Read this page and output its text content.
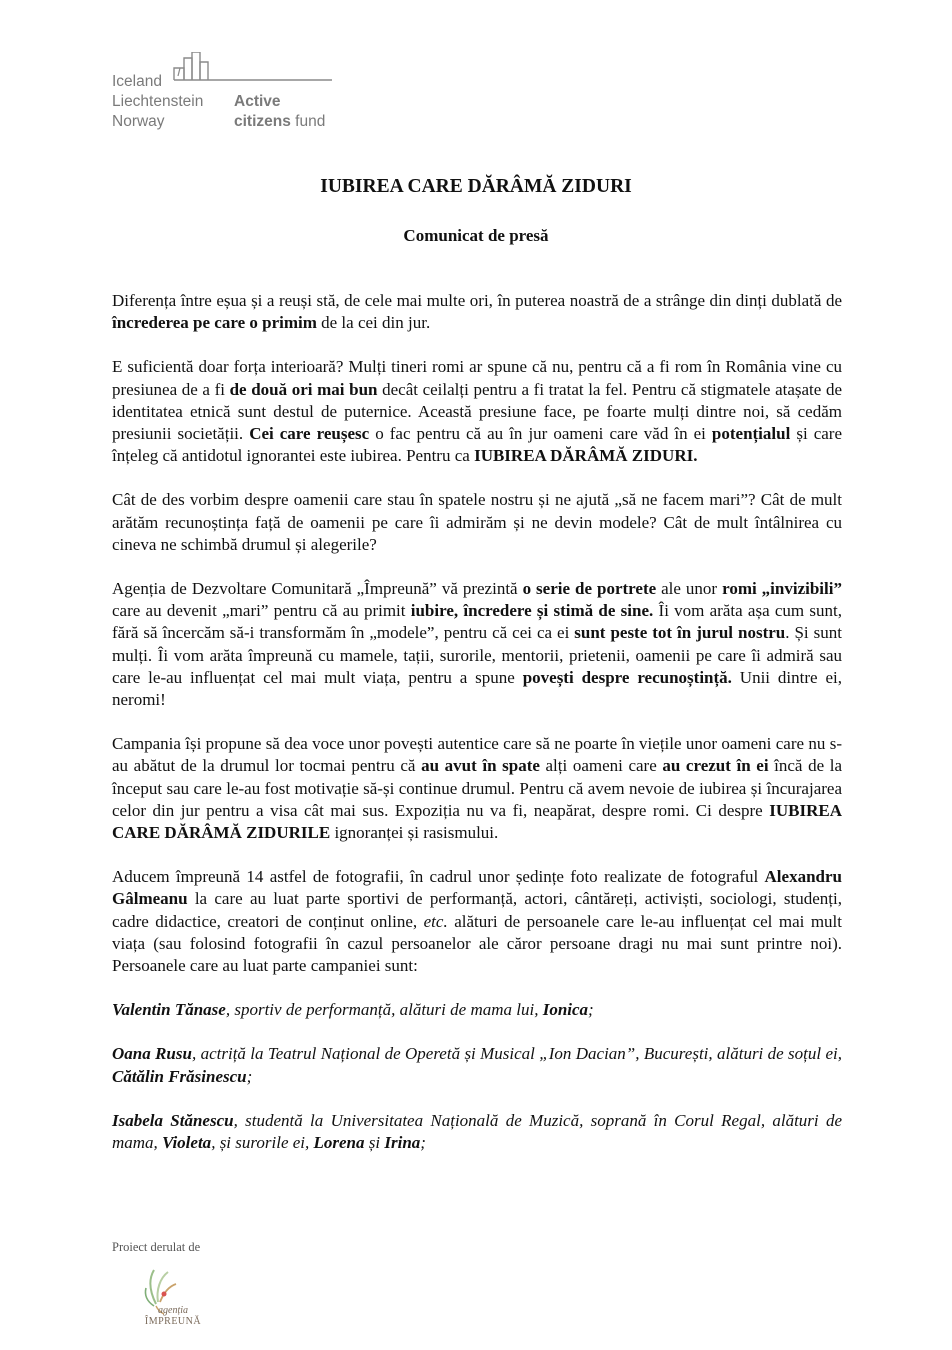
Iceland
Liechtenstein
Norway
Active
citizens fund
IUBIREA CARE DĂRÂMĂ ZIDURI
Comunicat de presă

Diferența între eșua și a reuși stă, de cele mai multe ori, în puterea noastră de a strânge din dinți dublată de încrederea pe care o primim de la cei din jur.

E suficientă doar forța interioară? Mulți tineri romi ar spune că nu, pentru că a fi rom în România vine cu presiunea de a fi de două ori mai bun decât ceilalți pentru a fi tratat la fel. Pentru că stigmatele atașate de identitatea etnică sunt destul de puternice. Această presiune face, pe foarte mulți dintre noi, să cedăm presiunii societății. Cei care reușesc o fac pentru că au în jur oameni care văd în ei potențialul și care înțeleg că antidotul ignorantei este iubirea. Pentru ca IUBIREA DĂRÂMĂ ZIDURI.

Cât de des vorbim despre oamenii care stau în spatele nostru și ne ajută „să ne facem mari”? Cât de mult arătăm recunoștința față de oamenii pe care îi admirăm și ne devin modele? Cât de mult întâlnirea cu cineva ne schimbă drumul și alegerile?

Agenția de Dezvoltare Comunitară „Împreună” vă prezintă o serie de portrete ale unor romi „invizibili” care au devenit „mari” pentru că au primit iubire, încredere și stimă de sine. Îi vom arăta așa cum sunt, fără să încercăm să-i transformăm în „modele”, pentru că cei ca ei sunt peste tot în jurul nostru. Și sunt mulți. Îi vom arăta împreună cu mamele, tații, surorile, mentorii, prietenii, oamenii pe care îi admiră sau care le-au influențat cel mai mult viața, pentru a spune povești despre recunoștință. Unii dintre ei, neromi!

Campania își propune să dea voce unor povești autentice care să ne poarte în viețile unor oameni care nu s-au abătut de la drumul lor tocmai pentru că au avut în spate alți oameni care au crezut în ei încă de la început sau care le-au fost motivație să-și continue drumul. Pentru că avem nevoie de iubirea și încurajarea celor din jur pentru a visa cât mai sus. Expoziția nu va fi, neapărat, despre romi. Ci despre IUBIREA CARE DĂRÂMĂ ZIDURILE ignoranței și rasismului.

Aducem împreună 14 astfel de fotografii, în cadrul unor ședințe foto realizate de fotograful Alexandru Gâlmeanu la care au luat parte sportivi de performanță, actori, cântăreți, activiști, sociologi, studenți, cadre didactice, creatori de conținut online, etc. alături de persoanele care le-au influențat cel mai mult viața (sau folosind fotografii în cazul persoanelor ale căror persoane dragi nu mai sunt printre noi). Persoanele care au luat parte campaniei sunt:

Valentin Tănase, sportiv de performanță, alături de mama lui, Ionica;

Oana Rusu, actriță la Teatrul Național de Operetă și Musical „Ion Dacian”, București, alături de soțul ei, Cătălin Frăsinescu;

Isabela Stănescu, studentă la Universitatea Națională de Muzică, soprană în Corul Regal, alături de mama, Violeta, și surorile ei, Lorena și Irina;

Proiect derulat de
agenția
ÎMPREUNĂ
